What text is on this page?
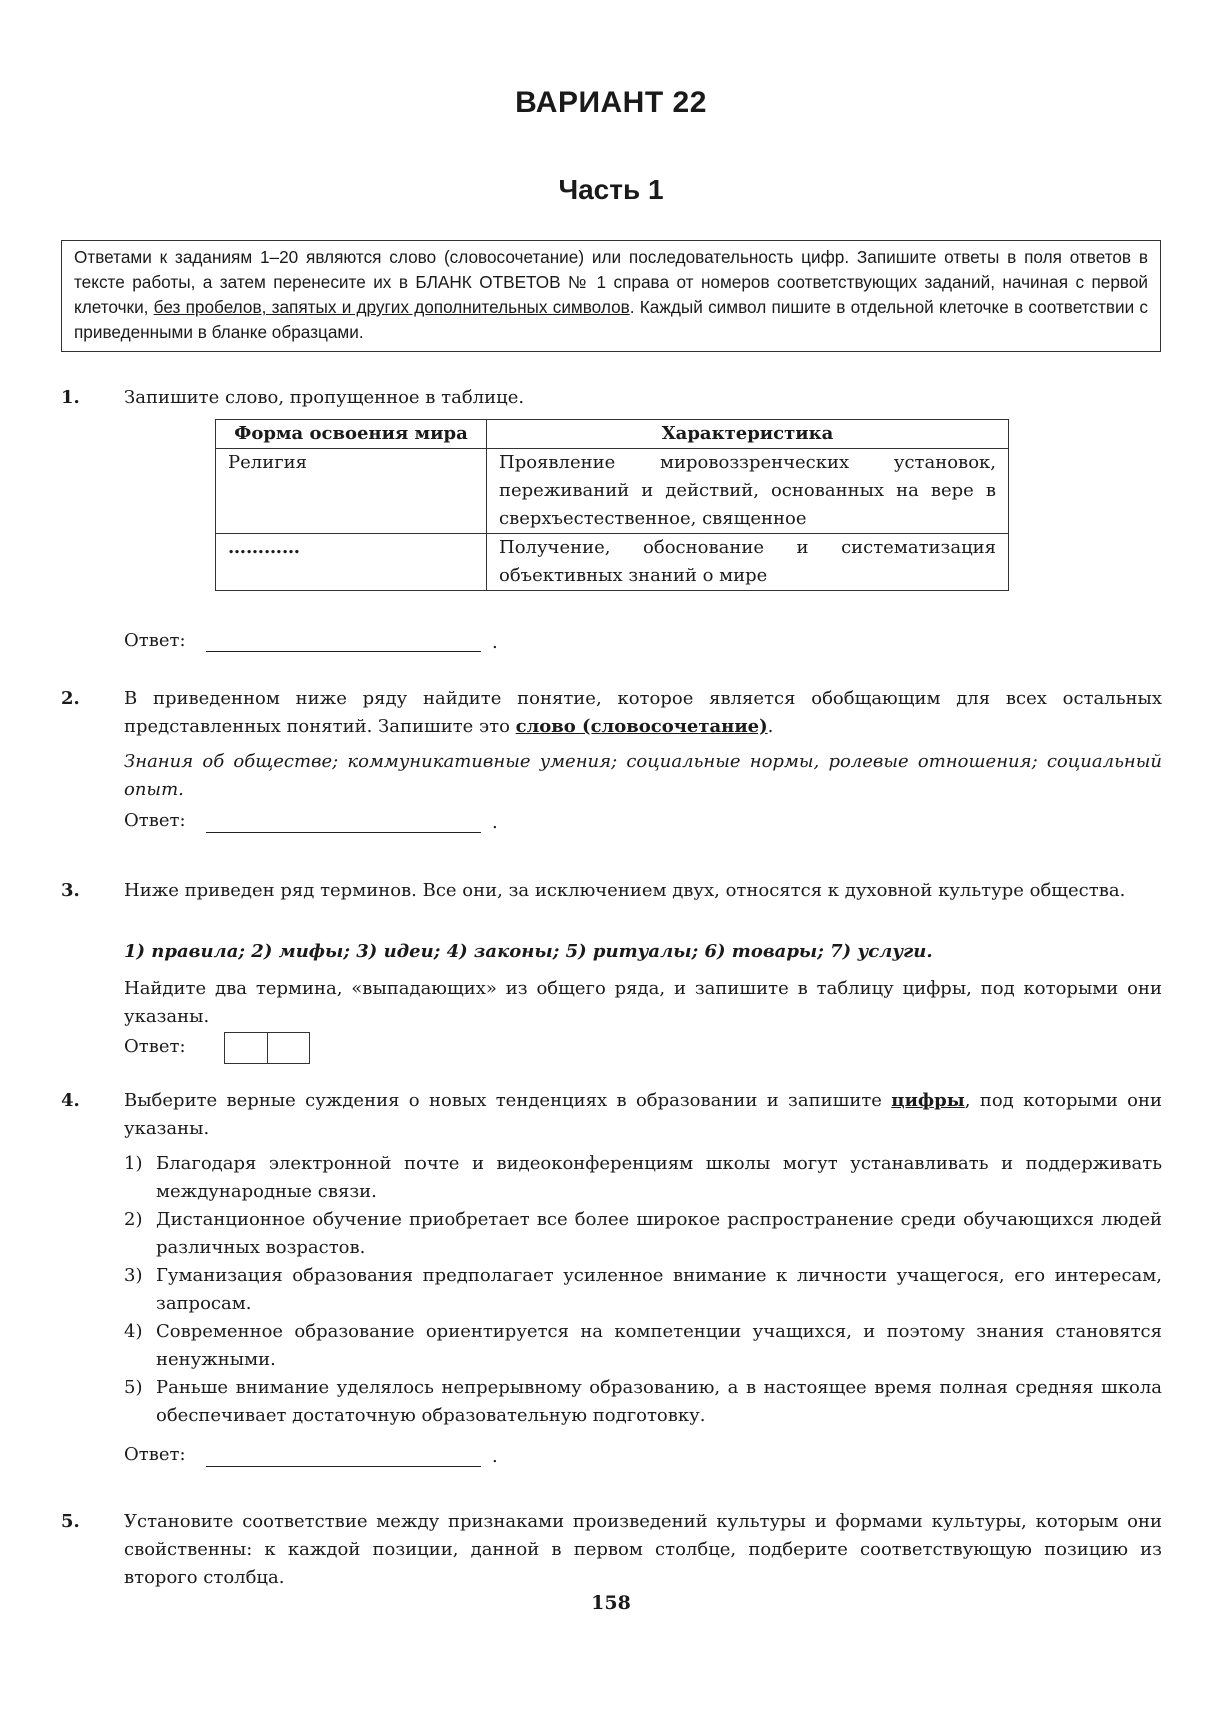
ВАРИАНТ 22
Часть 1
Ответами к заданиям 1–20 являются слово (словосочетание) или последовательность цифр. Запишите ответы в поля ответов в тексте работы, а затем перенесите их в БЛАНК ОТВЕТОВ № 1 справа от номеров соответствующих заданий, начиная с первой клеточки, без пробелов, запятых и других дополнительных символов. Каждый символ пишите в отдельной клеточке в соответствии с приведенными в бланке образцами.
1. Запишите слово, пропущенное в таблице.
Форма освоения мира	Характеристика
Религия	Проявление мировоззренческих установок, переживаний и действий, основанных на вере в сверхъестественное, священное
…………	Получение, обоснование и систематизация объективных знаний о мире
Ответ:	.
2. В приведенном ниже ряду найдите понятие, которое является обобщающим для всех остальных представленных понятий. Запишите это слово (словосочетание).
Знания об обществе; коммуникативные умения; социальные нормы, ролевые отношения; социальный опыт.
Ответ:	.
3. Ниже приведен ряд терминов. Все они, за исключением двух, относятся к духовной культуре общества.
1) правила; 2) мифы; 3) идеи; 4) законы; 5) ритуалы; 6) товары; 7) услуги.
Найдите два термина, «выпадающих» из общего ряда, и запишите в таблицу цифры, под которыми они указаны.
Ответ:
4. Выберите верные суждения о новых тенденциях в образовании и запишите цифры, под которыми они указаны.
1) Благодаря электронной почте и видеоконференциям школы могут устанавливать и поддерживать международные связи.
2) Дистанционное обучение приобретает все более широкое распространение среди обучающихся людей различных возрастов.
3) Гуманизация образования предполагает усиленное внимание к личности учащегося, его интересам, запросам.
4) Современное образование ориентируется на компетенции учащихся, и поэтому знания становятся ненужными.
5) Раньше внимание уделялось непрерывному образованию, а в настоящее время полная средняя школа обеспечивает достаточную образовательную подготовку.
Ответ:	.
5. Установите соответствие между признаками произведений культуры и формами культуры, которым они свойственны: к каждой позиции, данной в первом столбце, подберите соответствующую позицию из второго столбца.
158
